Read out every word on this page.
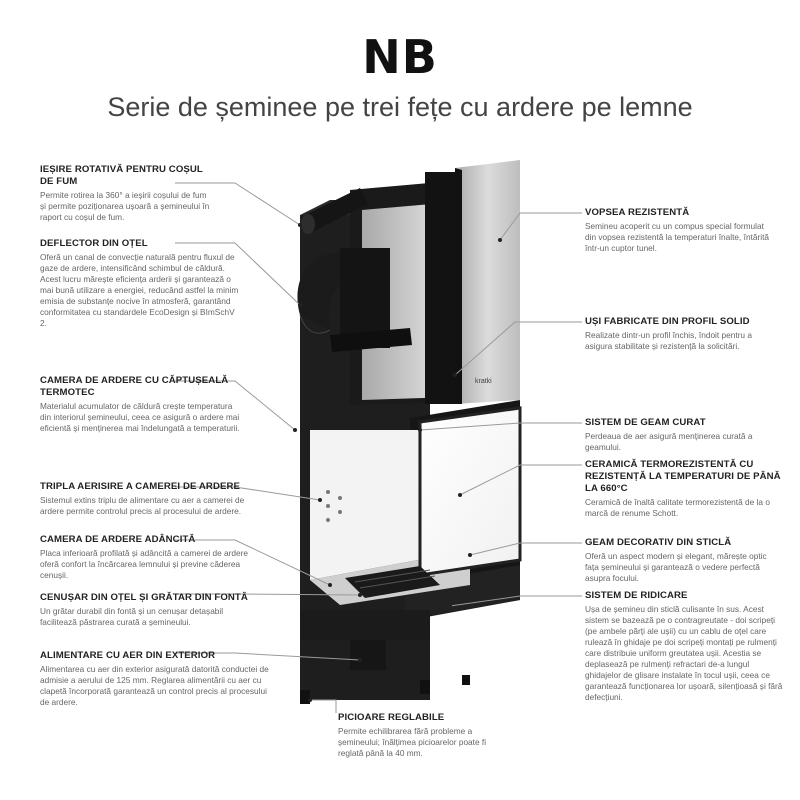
NB
Serie de șeminee pe trei fețe cu ardere pe lemne
kratki
IEȘIRE ROTATIVĂ PENTRU COȘUL DE FUM
Permite rotirea la 360° a ieșirii coșului de fum și permite poziționarea ușoară a șemineului în raport cu coșul de fum.
DEFLECTOR DIN OȚEL
Oferă un canal de convecție naturală pentru fluxul de gaze de ardere, intensificând schimbul de căldură. Acest lucru mărește eficiența arderii și garantează o mai bună utilizare a energiei, reducând astfel la minim emisia de substanțe nocive în atmosferă, garantând conformitatea cu standardele EcoDesign și BImSchV 2.
CAMERA DE ARDERE CU CĂPTUȘEALĂ TERMOTEC
Materialul acumulator de căldură crește temperatura din interiorul șemineului, ceea ce asigură o ardere mai eficientă și menținerea mai îndelungată a temperaturii.
TRIPLA AERISIRE A CAMEREI DE ARDERE
Sistemul extins triplu de alimentare cu aer a camerei de ardere permite controlul precis al procesului de ardere.
CAMERA DE ARDERE ADÂNCITĂ
Placa inferioară profilată și adâncită a camerei de ardere oferă confort la încărcarea lemnului și previne căderea cenușii.
CENUȘAR DIN OȚEL ȘI GRĂTAR DIN FONTĂ
Un grătar durabil din fontă și un cenușar detașabil facilitează păstrarea curată a șemineului.
ALIMENTARE CU AER DIN EXTERIOR
Alimentarea cu aer din exterior asigurată datorită conductei de admisie a aerului de 125 mm. Reglarea alimentării cu aer cu clapetă încorporată garantează un control precis al procesului de ardere.
VOPSEA REZISTENTĂ
Semineu acoperit cu un compus special formulat din vopsea rezistentă la temperaturi înalte, întărită într-un cuptor tunel.
UȘI FABRICATE DIN PROFIL SOLID
Realizate dintr-un profil închis, îndoit pentru a asigura stabilitate și rezistență la solicitări.
SISTEM DE GEAM CURAT
Perdeaua de aer asigură menținerea curată a geamului.
CERAMICĂ TERMOREZISTENTĂ CU REZISTENȚĂ LA TEMPERATURI DE PÂNĂ LA 660°C
Ceramică de înaltă calitate termorezistentă de la o marcă de renume Schott.
GEAM DECORATIV DIN STICLĂ
Oferă un aspect modern și elegant, mărește optic fața șemineului și garantează o vedere perfectă asupra focului.
SISTEM DE RIDICARE
Ușa de șemineu din sticlă culisante în sus. Acest sistem se bazează pe o contragreutate - doi scripeți (pe ambele părți ale ușii) cu un cablu de oțel care rulează în ghidaje pe doi scripeți montați pe rulmenți care distribuie uniform greutatea ușii. Acestia se deplasează pe rulmenți refractari de-a lungul ghidajelor de glisare instalate în tocul ușii, ceea ce garantează funcționarea lor ușoară, silențioasă și fără defecțiuni.
PICIOARE REGLABILE
Permite echilibrarea fără probleme a șemineului; înălțimea picioarelor poate fi reglată până la 40 mm.
